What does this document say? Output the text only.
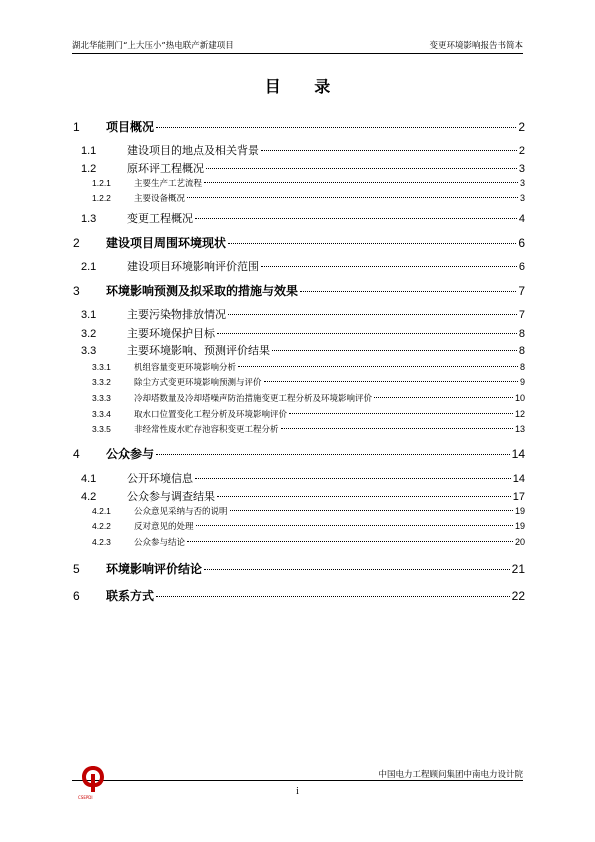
湖北华能荆门“上大压小”热电联产新建项目	变更环境影响报告书简本
目 录
1	项目概况	2
1.1	建设项目的地点及相关背景	2
1.2	原环评工程概况	3
1.2.1	主要生产工艺流程	3
1.2.2	主要设备概况	3
1.3	变更工程概况	4
2	建设项目周围环境现状	6
2.1	建设项目环境影响评价范围	6
3	环境影响预测及拟采取的措施与效果	7
3.1	主要污染物排放情况	7
3.2	主要环境保护目标	8
3.3	主要环境影响、预测评价结果	8
3.3.1	机组容量变更环境影响分析	8
3.3.2	除尘方式变更环境影响预测与评价	9
3.3.3	冷却塔数量及冷却塔噪声防治措施变更工程分析及环境影响评价	10
3.3.4	取水口位置变化工程分析及环境影响评价	12
3.3.5	非经常性废水贮存池容积变更工程分析	13
4	公众参与	14
4.1	公开环境信息	14
4.2	公众参与调查结果	17
4.2.1	公众意见采纳与否的说明	19
4.2.2	反对意见的处理	19
4.2.3	公众参与结论	20
5	环境影响评价结论	21
6	联系方式	22
CSEPDI
i
中国电力工程顾问集团中南电力设计院
